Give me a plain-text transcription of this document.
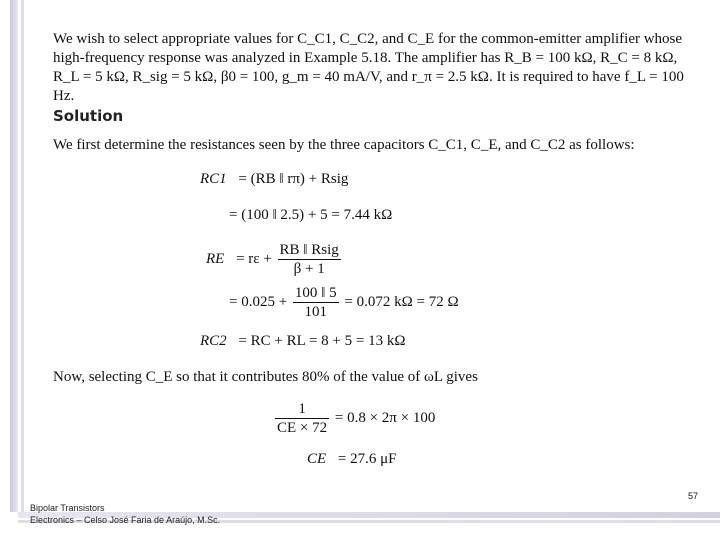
We wish to select appropriate values for C_C1, C_C2, and C_E for the common-emitter amplifier whose
high-frequency response was analyzed in Example 5.18. The amplifier has R_B = 100 kΩ, R_C = 8 kΩ,
R_L = 5 kΩ, R_sig = 5 kΩ, β0 = 100, g_m = 40 mA/V, and r_π = 2.5 kΩ. It is required to have f_L = 100 Hz.
Solution
We first determine the resistances seen by the three capacitors C_C1, C_E, and C_C2 as follows:
RC1 = (RB ‖ rπ) + Rsig
= (100 ‖ 2.5) + 5 = 7.44 kΩ
RE = $r\varepsilon + \frac{\text{RB ‖ Rsig}}{\beta + 1}$
= $0.025 + \frac{100 ‖ 5}{101} = 0.072$ kΩ = 72 Ω
RC2 = RC + RL = 8 + 5 = 13 kΩ
Now, selecting C_E so that it contributes 80% of the value of ωL gives
$\frac{1}{CE \times 72} = 0.8 \times 2\pi \times 100$
CE = 27.6 μF
57
Bipolar Transistors
Electronics – Celso José Faria de Araújo, M.Sc.
